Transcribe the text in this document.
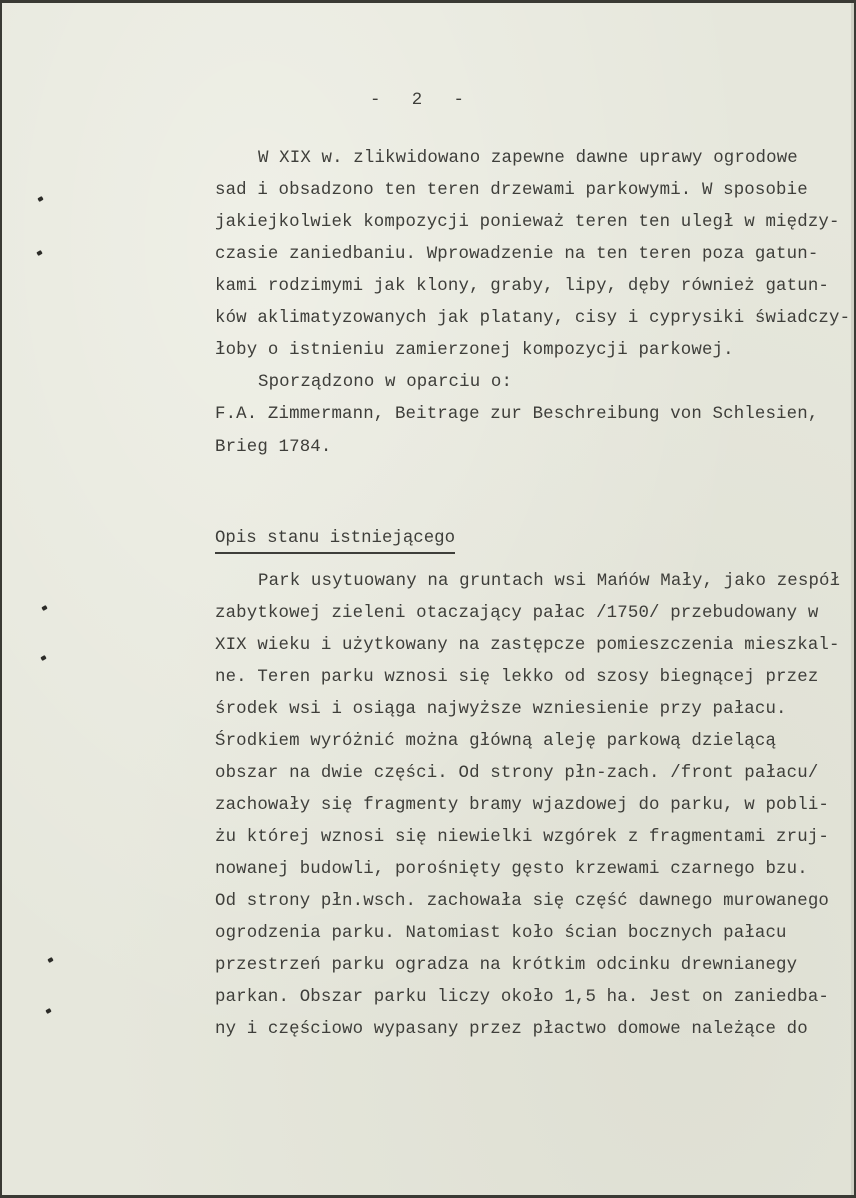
-   2   -
W XIX w. zlikwidowano zapewne dawne uprawy ogrodowe
sad i obsadzono ten teren drzewami parkowymi. W sposobie
jakiejkolwiek kompozycji ponieważ teren ten uległ w między-
czasie zaniedbaniu. Wprowadzenie na ten teren poza gatun-
kami rodzimymi jak klony, graby, lipy, dęby również gatun-
ków aklimatyzowanych jak platany, cisy i cyprysiki świadczy-
łoby o istnieniu zamierzonej kompozycji parkowej.
Sporządzono w oparciu o:
F.A. Zimmermann, Beitrage zur Beschreibung von Schlesien,
Brieg 1784.
Opis stanu istniejącego
Park usytuowany na gruntach wsi Mańów Mały, jako zespół
zabytkowej zieleni otaczający pałac /1750/ przebudowany w
XIX wieku i użytkowany na zastępcze pomieszczenia mieszkal-
ne. Teren parku wznosi się lekko od szosy biegnącej przez
środek wsi i osiąga najwyższe wzniesienie przy pałacu.
Środkiem wyróżnić można główną aleję parkową dzielącą
obszar na dwie części. Od strony płn-zach. /front pałacu/
zachowały się fragmenty bramy wjazdowej do parku, w pobli-
żu której wznosi się niewielki wzgórek z fragmentami zruj-
nowanej budowli, porośnięty gęsto krzewami czarnego bzu.
Od strony płn.wsch. zachowała się część dawnego murowanego
ogrodzenia parku. Natomiast koło ścian bocznych pałacu
przestrzeń parku ogradza na krótkim odcinku drewnianegy
parkan. Obszar parku liczy około 1,5 ha. Jest on zaniedba-
ny i częściowo wypasany przez płactwo domowe należące do
